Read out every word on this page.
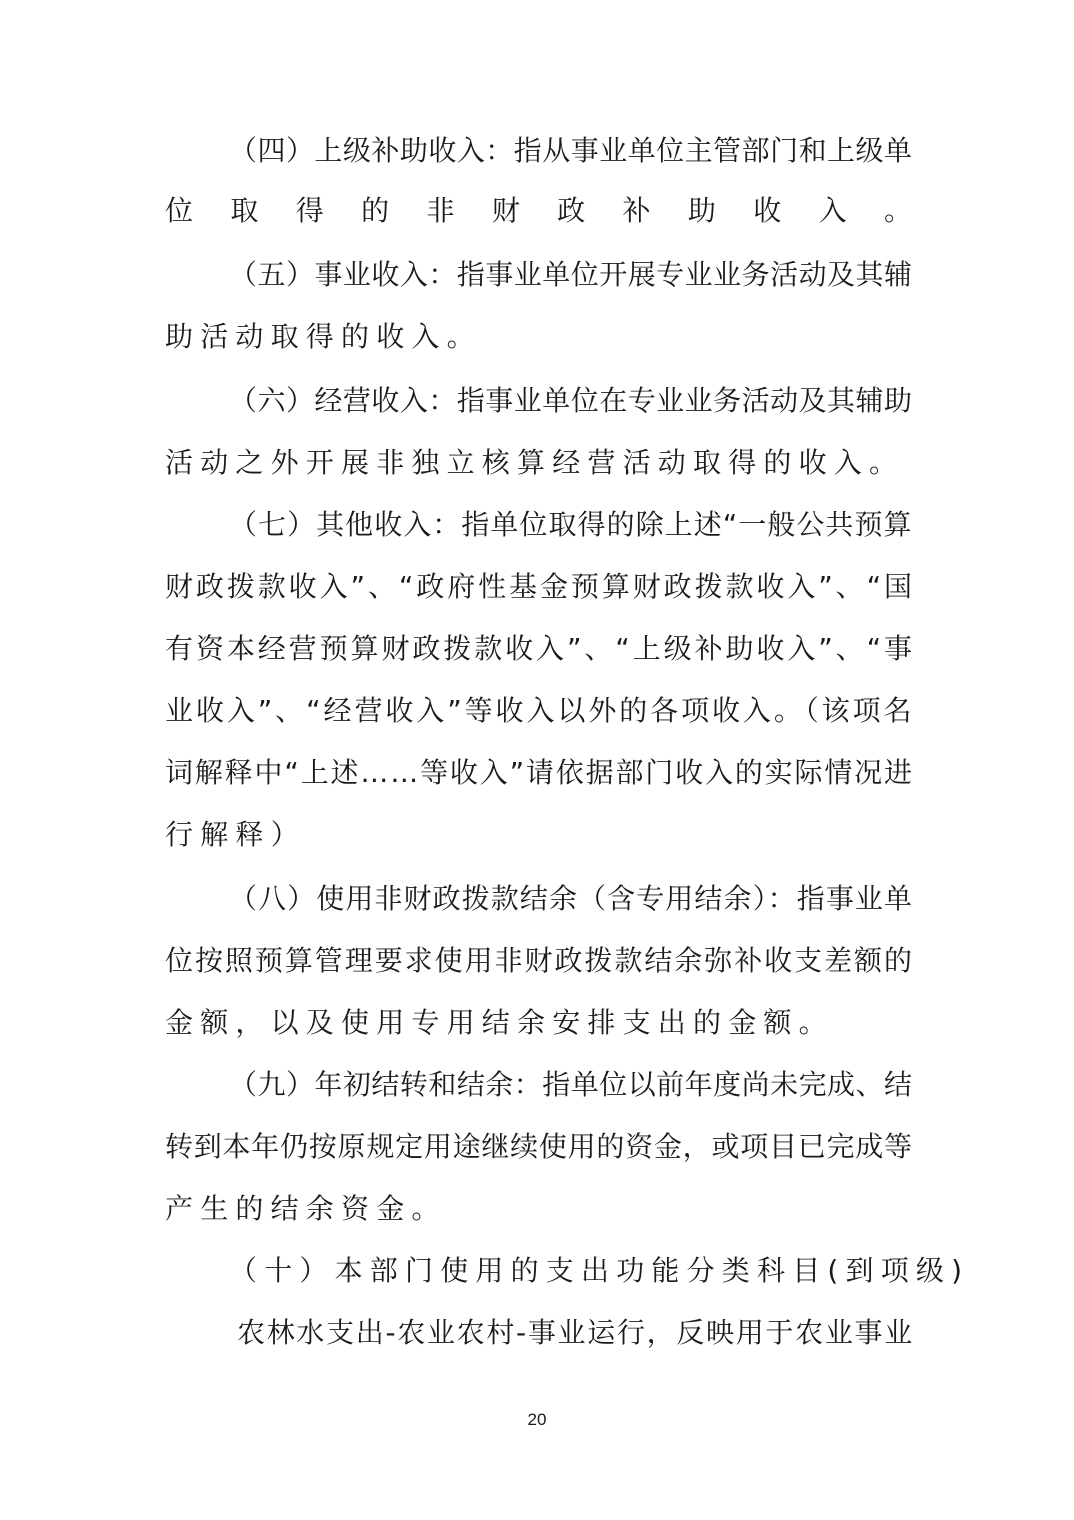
（四）上级补助收入：指从事业单位主管部门和上级单

位取得的非财政补助收入。

（五）事业收入：指事业单位开展专业业务活动及其辅

助活动取得的收入。

（六）经营收入：指事业单位在专业业务活动及其辅助

活动之外开展非独立核算经营活动取得的收入。

（七）其他收入：指单位取得的除上述“一般公共预算

财政拨款收入”、“政府性基金预算财政拨款收入”、“国

有资本经营预算财政拨款收入”、“上级补助收入”、“事

业收入”、“经营收入”等收入以外的各项收入。（该项名

词解释中“上述……等收入”请依据部门收入的实际情况进

行解释）

（八）使用非财政拨款结余（含专用结余）：指事业单

位按照预算管理要求使用非财政拨款结余弥补收支差额的

金额，以及使用专用结余安排支出的金额。

（九）年初结转和结余：指单位以前年度尚未完成、结

转到本年仍按原规定用途继续使用的资金，或项目已完成等

产生的结余资金。

（十）本部门使用的支出功能分类科目(到项级)

农林水支出-农业农村-事业运行，反映用于农业事业

20
